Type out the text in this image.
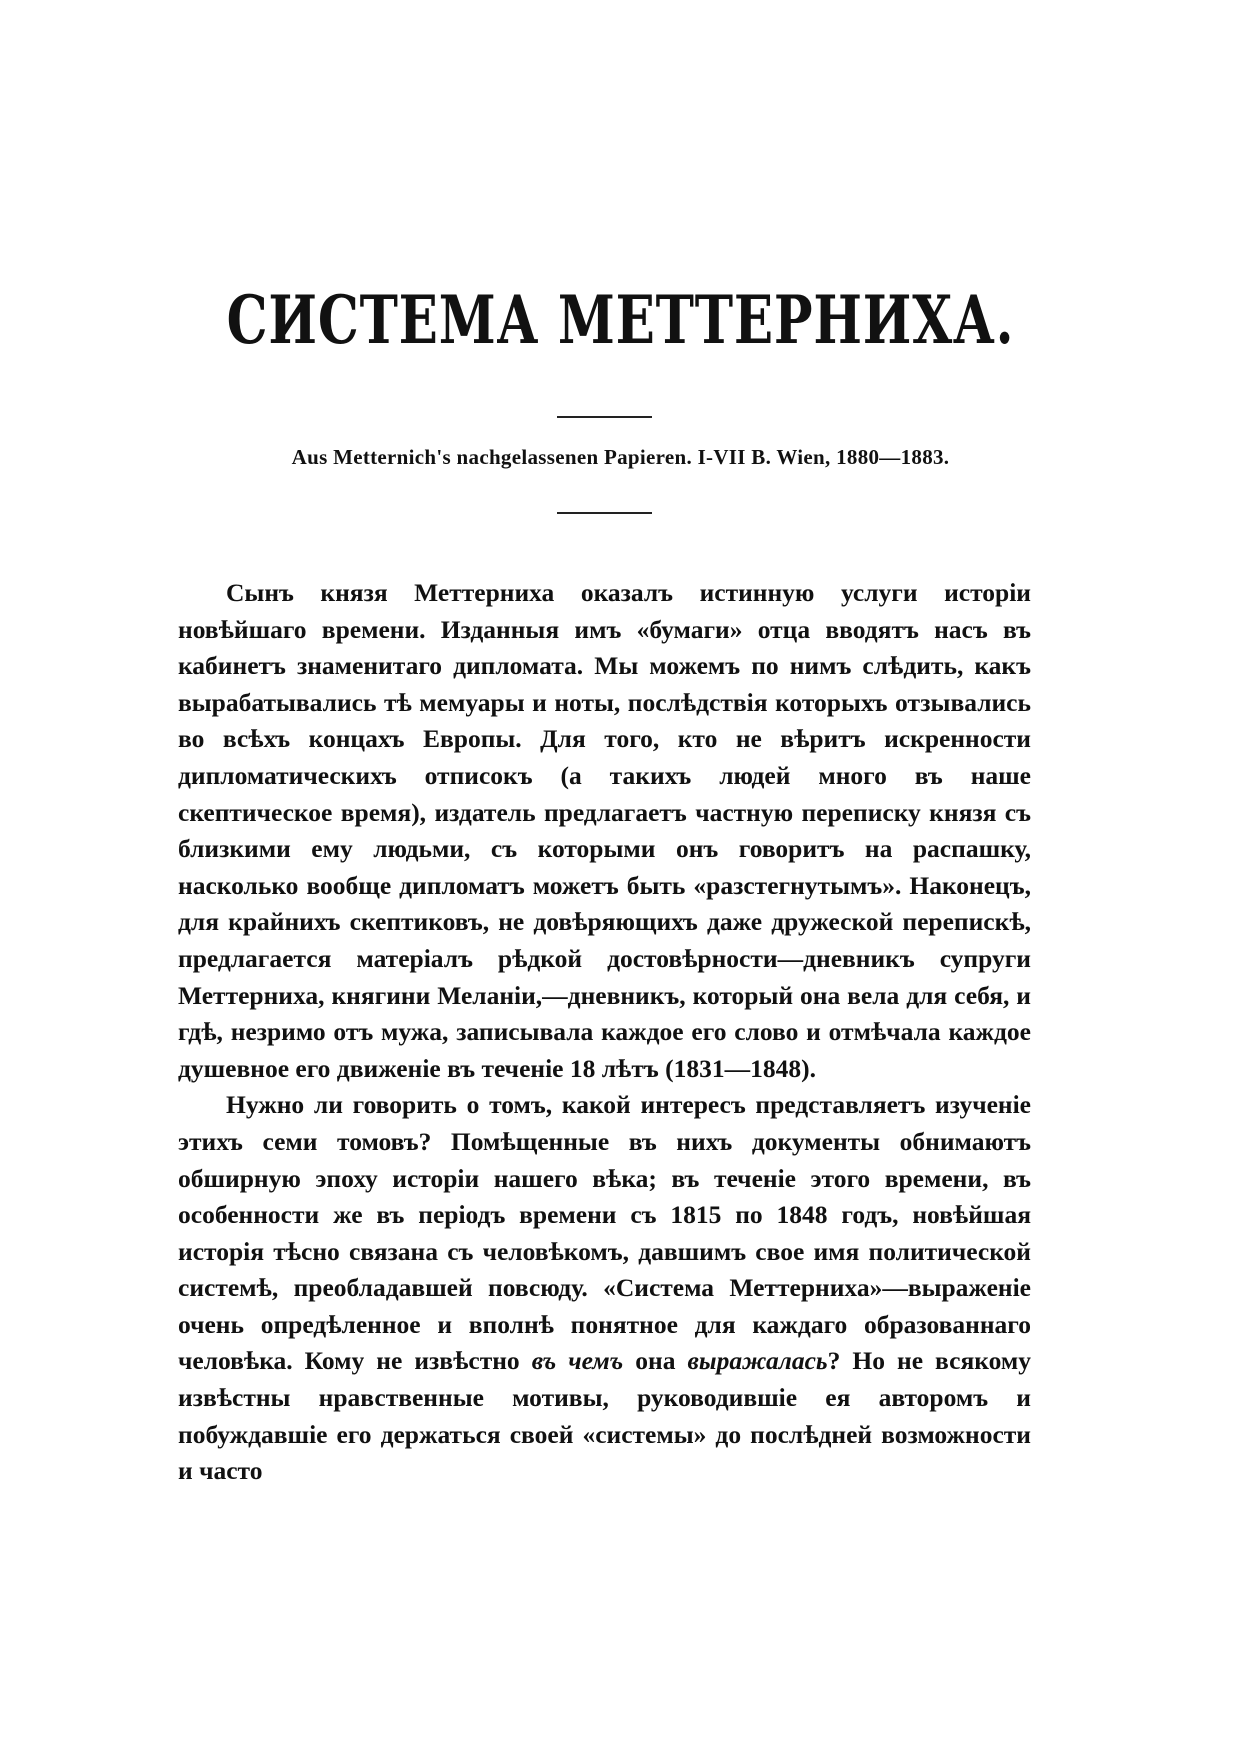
СИСТЕМА МЕТТЕРНИХА.
Aus Metternich's nachgelassenen Papieren. I-VII B. Wien, 1880—1883.

Сынъ князя Меттерниха оказалъ истинную услуги исторіи новѣйшаго времени. Изданныя имъ «бумаги» отца вводятъ насъ въ кабинетъ знаменитаго дипломата. Мы можемъ по нимъ слѣдить, какъ вырабатывались тѣ мемуары и ноты, послѣдствія которыхъ отзывались во всѣхъ концахъ Европы. Для того, кто не вѣритъ искренности дипломатическихъ отписокъ (а такихъ людей много въ наше скептическое время), издатель предлагаетъ частную переписку князя съ близкими ему людьми, съ которыми онъ говоритъ на распашку, насколько вообще дипломатъ можетъ быть «разстегнутымъ». Наконецъ, для крайнихъ скептиковъ, не довѣряющихъ даже дружеской перепискѣ, предлагается матеріалъ рѣдкой достовѣрности—дневникъ супруги Меттерниха, княгини Меланіи,—дневникъ, который она вела для себя, и гдѣ, незримо отъ мужа, записывала каждое его слово и отмѣчала каждое душевное его движеніе въ теченіе 18 лѣтъ (1831—1848).

Нужно ли говорить о томъ, какой интересъ представляетъ изученіе этихъ семи томовъ? Помѣщенные въ нихъ документы обнимаютъ обширную эпоху исторіи нашего вѣка; въ теченіе этого времени, въ особенности же въ періодъ времени съ 1815 по 1848 годъ, новѣйшая исторія тѣсно связана съ человѣкомъ, давшимъ свое имя политической системѣ, преобладавшей повсюду. «Система Меттерниха»—выраженіе очень опредѣленное и вполнѣ понятное для каждаго образованнаго человѣка. Кому не извѣстно въ чемъ она выражалась? Но не всякому извѣстны нравственные мотивы, руководившіе ея авторомъ и побуждавшіе его держаться своей «системы» до послѣдней возможности и часто
